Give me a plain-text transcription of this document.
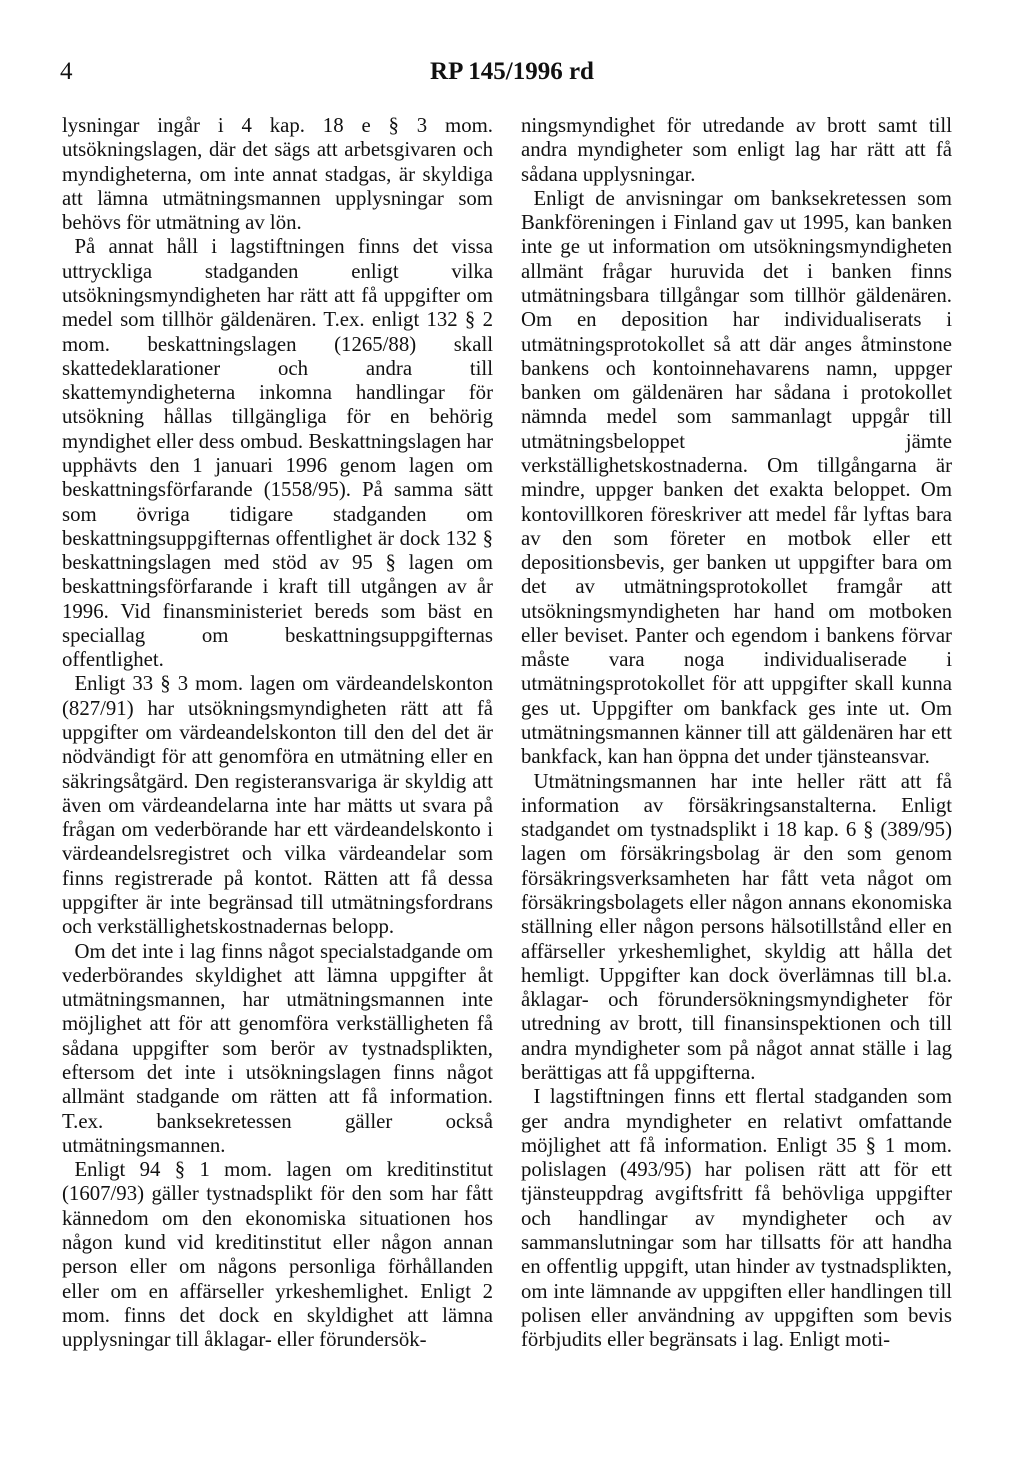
4	RP 145/1996 rd

lysningar ingår i 4 kap. 18 e § 3 mom. utsökningslagen, där det sägs att arbetsgivaren och myndigheterna, om inte annat stadgas, är skyldiga att lämna utmätningsmannen upplysningar som behövs för utmätning av lön.

På annat håll i lagstiftningen finns det vissa uttryckliga stadganden enligt vilka utsökningsmyndigheten har rätt att få uppgifter om medel som tillhör gäldenären. T.ex. enligt 132 § 2 mom. beskattningslagen (1265/88) skall skattedeklarationer och andra till skattemyndigheterna inkomna handlingar för utsökning hållas tillgängliga för en behörig myndighet eller dess ombud. Beskattningslagen har upphävts den 1 januari 1996 genom lagen om beskattningsförfarande (1558/95). På samma sätt som övriga tidigare stadganden om beskattningsuppgifternas offentlighet är dock 132 § beskattningslagen med stöd av 95 § lagen om beskattningsförfarande i kraft till utgången av år 1996. Vid finansministeriet bereds som bäst en speciallag om beskattningsuppgifternas offentlighet.

Enligt 33 § 3 mom. lagen om värdeandelskonton (827/91) har utsökningsmyndigheten rätt att få uppgifter om värdeandelskonton till den del det är nödvändigt för att genomföra en utmätning eller en säkringsåtgärd. Den registeransvariga är skyldig att även om värdeandelarna inte har mätts ut svara på frågan om vederbörande har ett värdeandelskonto i värdeandelsregistret och vilka värdeandelar som finns registrerade på kontot. Rätten att få dessa uppgifter är inte begränsad till utmätningsfordrans och verkställighetskostnadernas belopp.

Om det inte i lag finns något specialstadgande om vederbörandes skyldighet att lämna uppgifter åt utmätningsmannen, har utmätningsmannen inte möjlighet att för att genomföra verkställigheten få sådana uppgifter som berör av tystnadsplikten, eftersom det inte i utsökningslagen finns något allmänt stadgande om rätten att få information. T.ex. banksekretessen gäller också utmätningsmannen.

Enligt 94 § 1 mom. lagen om kreditinstitut (1607/93) gäller tystnadsplikt för den som har fått kännedom om den ekonomiska situationen hos någon kund vid kreditinstitut eller någon annan person eller om någons personliga förhållanden eller om en affärseller yrkeshemlighet. Enligt 2 mom. finns det dock en skyldighet att lämna upplysningar till åklagar- eller förundersök-

ningsmyndighet för utredande av brott samt till andra myndigheter som enligt lag har rätt att få sådana upplysningar.

Enligt de anvisningar om banksekretessen som Bankföreningen i Finland gav ut 1995, kan banken inte ge ut information om utsökningsmyndigheten allmänt frågar huruvida det i banken finns utmätningsbara tillgångar som tillhör gäldenären. Om en deposition har individualiserats i utmätningsprotokollet så att där anges åtminstone bankens och kontoinnehavarens namn, uppger banken om gäldenären har sådana i protokollet nämnda medel som sammanlagt uppgår till utmätningsbeloppet jämte verkställighetskostnaderna. Om tillgångarna är mindre, uppger banken det exakta beloppet. Om kontovillkoren föreskriver att medel får lyftas bara av den som företer en motbok eller ett depositionsbevis, ger banken ut uppgifter bara om det av utmätningsprotokollet framgår att utsökningsmyndigheten har hand om motboken eller beviset. Panter och egendom i bankens förvar måste vara noga individualiserade i utmätningsprotokollet för att uppgifter skall kunna ges ut. Uppgifter om bankfack ges inte ut. Om utmätningsmannen känner till att gäldenären har ett bankfack, kan han öppna det under tjänsteansvar.

Utmätningsmannen har inte heller rätt att få information av försäkringsanstalterna. Enligt stadgandet om tystnadsplikt i 18 kap. 6 § (389/95) lagen om försäkringsbolag är den som genom försäkringsverksamheten har fått veta något om försäkringsbolagets eller någon annans ekonomiska ställning eller någon persons hälsotillstånd eller en affärseller yrkeshemlighet, skyldig att hålla det hemligt. Uppgifter kan dock överlämnas till bl.a. åklagar- och förundersökningsmyndigheter för utredning av brott, till finansinspektionen och till andra myndigheter som på något annat ställe i lag berättigas att få uppgifterna.

I lagstiftningen finns ett flertal stadganden som ger andra myndigheter en relativt omfattande möjlighet att få information. Enligt 35 § 1 mom. polislagen (493/95) har polisen rätt att för ett tjänsteuppdrag avgiftsfritt få behövliga uppgifter och handlingar av myndigheter och av sammanslutningar som har tillsatts för att handha en offentlig uppgift, utan hinder av tystnadsplikten, om inte lämnande av uppgiften eller handlingen till polisen eller användning av uppgiften som bevis förbjudits eller begränsats i lag. Enligt moti-
